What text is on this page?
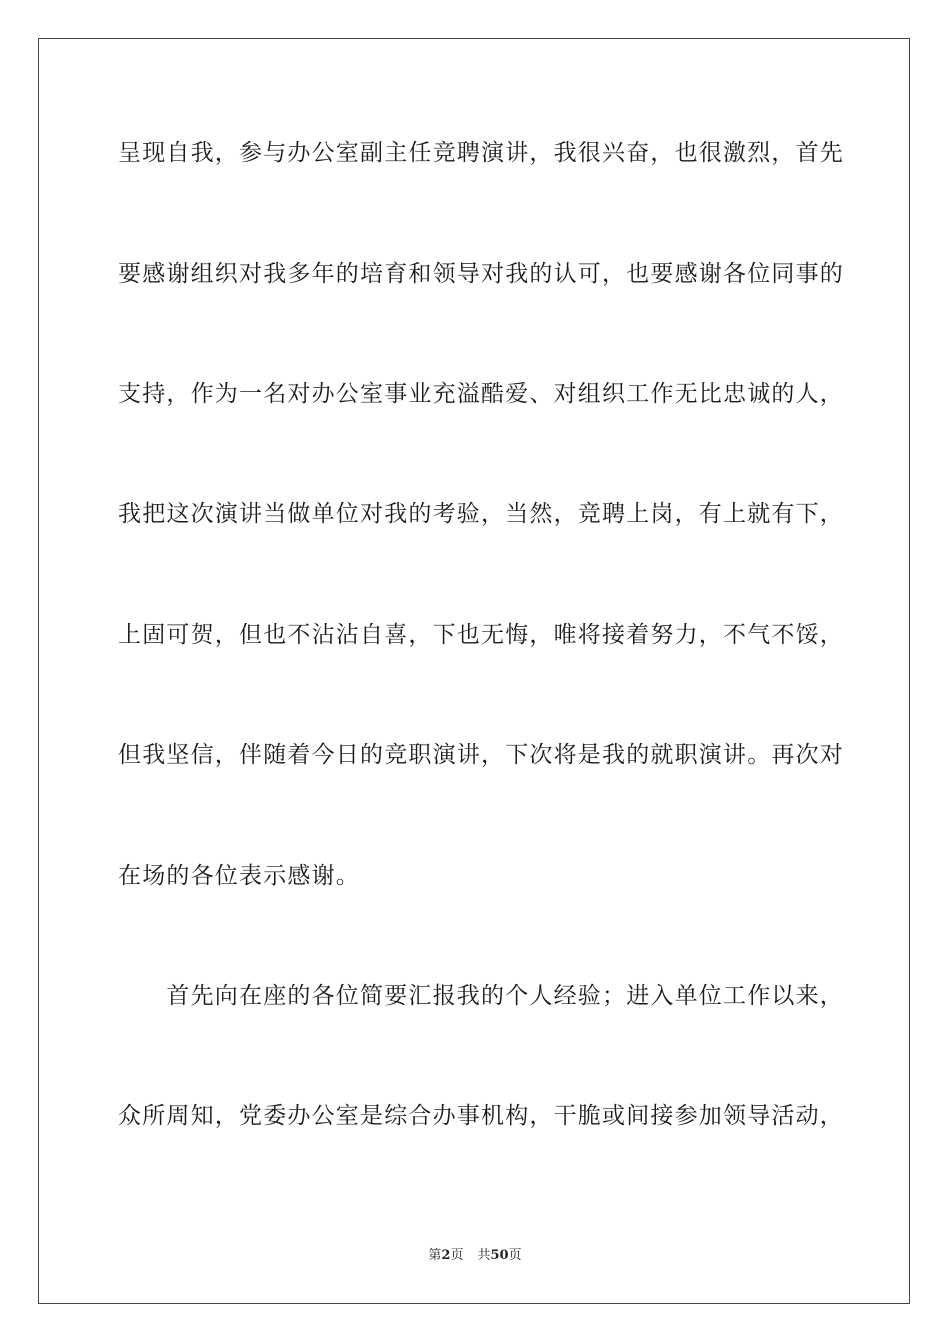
呈现自我，参与办公室副主任竞聘演讲，我很兴奋，也很激烈，首先
要感谢组织对我多年的培育和领导对我的认可，也要感谢各位同事的
支持，作为一名对办公室事业充溢酷爱、对组织工作无比忠诚的人，
我把这次演讲当做单位对我的考验，当然，竞聘上岗，有上就有下，
上固可贺，但也不沾沾自喜，下也无悔，唯将接着努力，不气不馁，
但我坚信，伴随着今日的竞职演讲，下次将是我的就职演讲。再次对
在场的各位表示感谢。
　　首先向在座的各位简要汇报我的个人经验；进入单位工作以来，
众所周知，党委办公室是综合办事机构，干脆或间接参加领导活动，
第2页 共50页
